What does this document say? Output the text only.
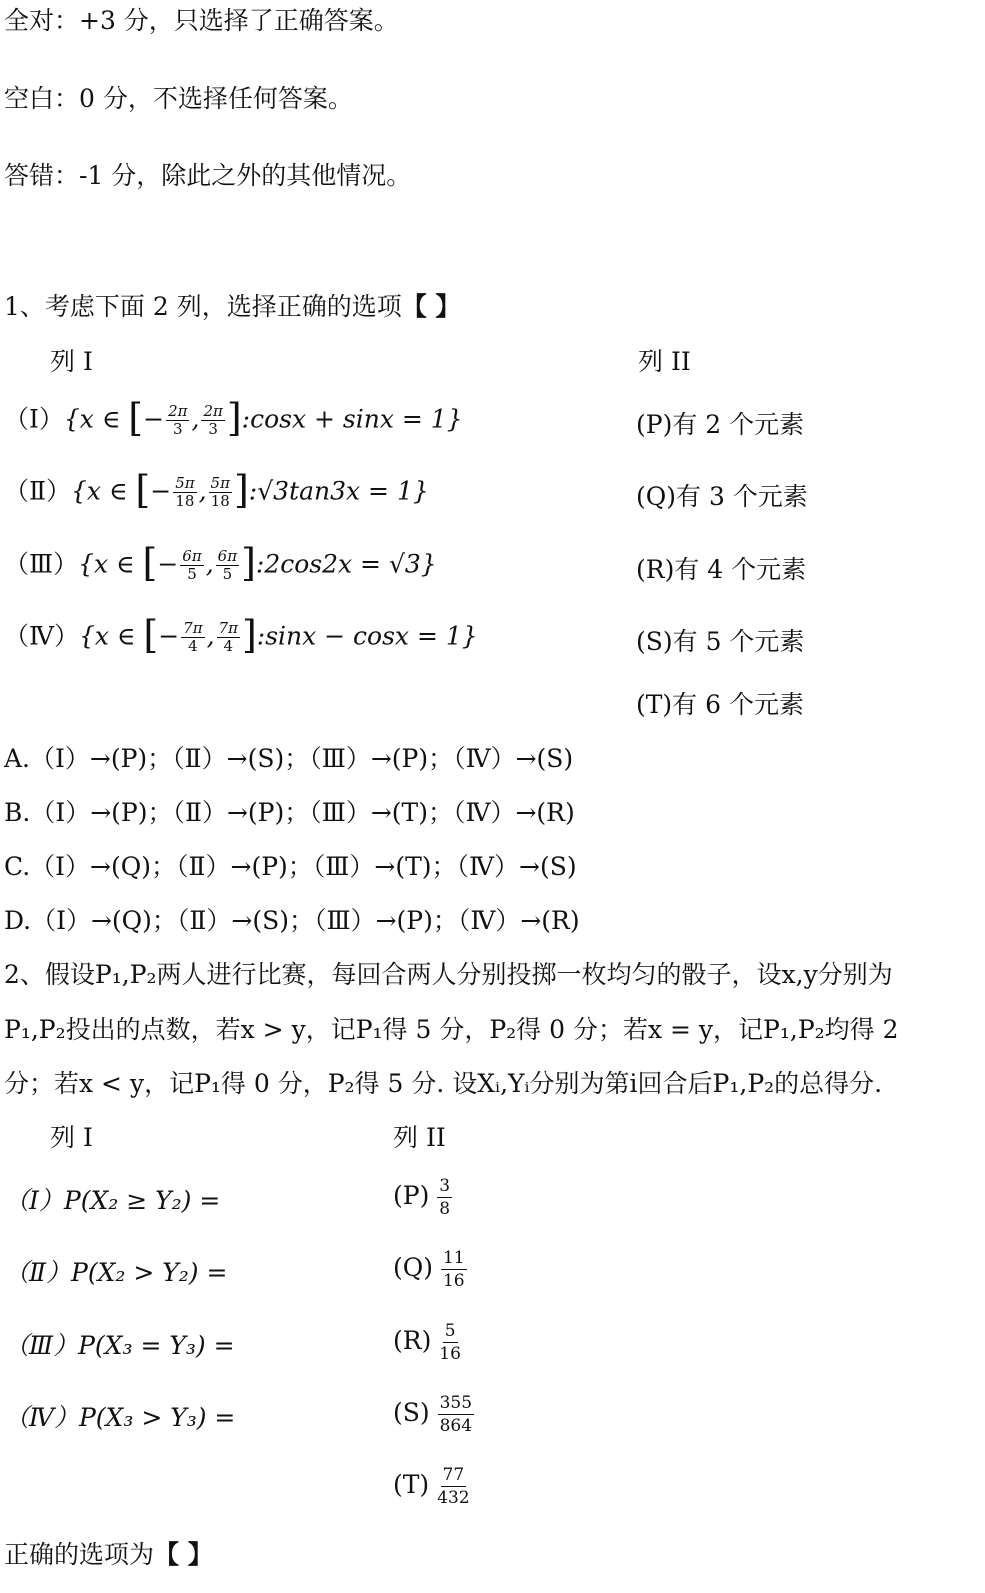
全对：+3 分，只选择了正确答案。
空白：0 分，不选择任何答案。
答错：-1 分，除此之外的其他情况。
1、考虑下面 2 列，选择正确的选项【 】
列 I	列 II
（Ⅰ）{x ∈ [− $\frac{2\pi}{3}$ , $\frac{2\pi}{3}$ ]:cosx + sinx = 1}
（Ⅱ）{x ∈ [− $\frac{5\pi}{18}$ , $\frac{5\pi}{18}$ ]:√3tan3x = 1}
（Ⅲ）{x ∈ [− $\frac{6\pi}{5}$ , $\frac{6\pi}{5}$ ]:2cos2x = √3}
（Ⅳ）{x ∈ [− $\frac{7\pi}{4}$ , $\frac{7\pi}{4}$ ]:sinx − cosx = 1}
(P)有 2 个元素
(Q)有 3 个元素
(R)有 4 个元素
(S)有 5 个元素
(T)有 6 个元素
A.（Ⅰ）→(P)；（Ⅱ）→(S)；（Ⅲ）→(P)；（Ⅳ）→(S)
B.（Ⅰ）→(P)；（Ⅱ）→(P)；（Ⅲ）→(T)；（Ⅳ）→(R)
C.（Ⅰ）→(Q)；（Ⅱ）→(P)；（Ⅲ）→(T)；（Ⅳ）→(S)
D.（Ⅰ）→(Q)；（Ⅱ）→(S)；（Ⅲ）→(P)；（Ⅳ）→(R)
2、假设P₁,P₂两人进行比赛，每回合两人分别投掷一枚均匀的骰子，设x,y分别为
P₁,P₂投出的点数，若x > y，记P₁得 5 分，P₂得 0 分；若x = y，记P₁,P₂均得 2
分；若x < y，记P₁得 0 分，P₂得 5 分. 设Xᵢ,Yᵢ分别为第i回合后P₁,P₂的总得分.
列 I	列 II
（Ⅰ）P(X₂ ≥ Y₂) =
（Ⅱ）P(X₂ > Y₂) =
（Ⅲ）P(X₃ = Y₃) =
（Ⅳ）P(X₃ > Y₃) =
$(P) \frac{3}{8}$
$(Q) \frac{11}{16}$
$(R) \frac{5}{16}$
$(S) \frac{355}{864}$
$(T) \frac{77}{432}$
正确的选项为【 】
